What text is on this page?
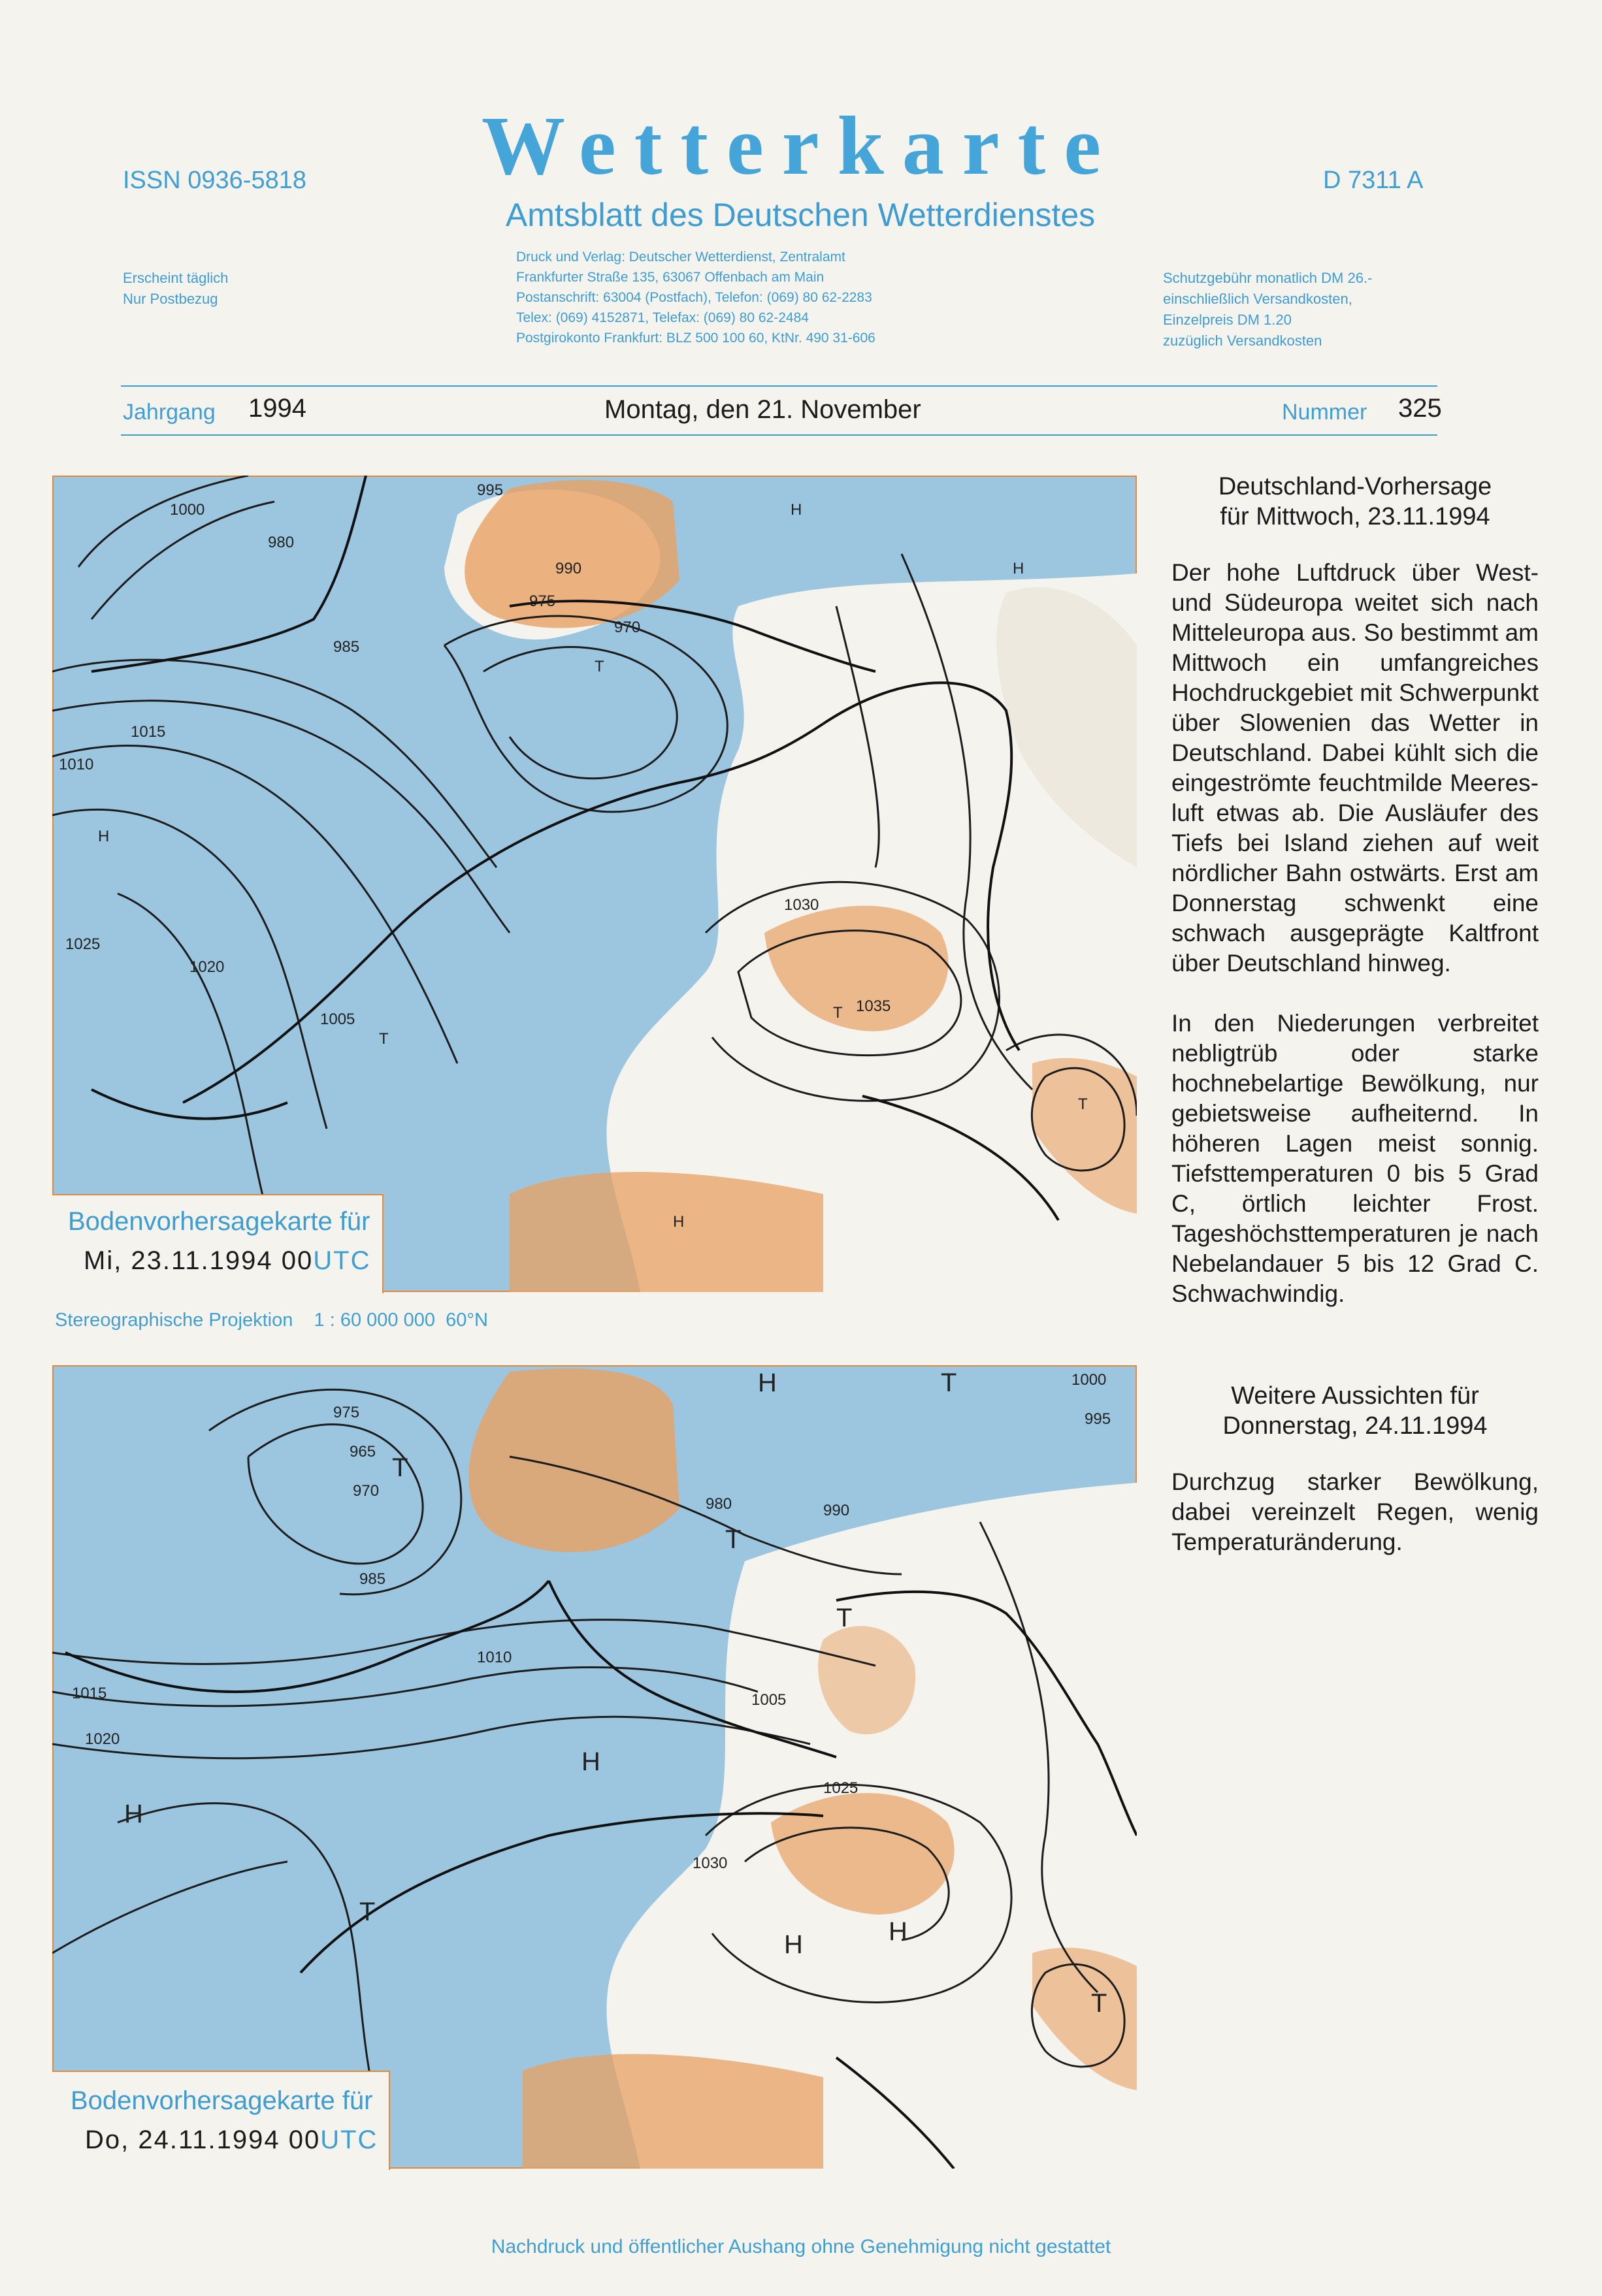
ISSN 0936-5818	Wetterkarte
Amtsblatt des Deutschen Wetterdienstes
D 7311 A
Erscheint täglich
Nur Postbezug
Druck und Verlag: Deutscher Wetterdienst, Zentralamt
Frankfurter Straße 135, 63067 Offenbach am Main
Postanschrift: 63004 (Postfach), Telefon: (069) 80 62-2283
Telex: (069) 4152871, Telefax: (069) 80 62-2484
Postgirokonto Frankfurt: BLZ 500 100 60, KtNr. 490 31-606
Schutzgebühr monatlich DM 26.-
einschließlich Versandkosten,
Einzelpreis DM 1.20
zuzüglich Versandkosten
Jahrgang 1994	Montag, den 21. November	Nummer 325
H
T
H
H
T
H
T
T
1000
995
980
985
975
990
970
1010
1015
1020
1025
1030
1035
1005
Bodenvorhersagekarte für
Mi, 23.11.1994 00UTC
Stereographische Projektion    1 : 60 000 000  60°N
H	T
T
T
T
H
H
H	H
T
T
1000
990
980
975
965
970
985
995
1005
1010
1015
1020
1025
1030
Bodenvorhersagekarte für
Do, 24.11.1994 00UTC

Deutschland-Vorhersage
für Mittwoch, 23.11.1994

Der hohe Luftdruck über West- und Südeuropa weitet sich nach Mitteleuropa aus. So bestimmt am Mittwoch ein umfangreiches Hochdruckgebiet mit Schwerpunkt über Slowenien das Wetter in Deutschland. Dabei kühlt sich die eingeströmte feuchtmilde Meeresluft etwas ab. Die Ausläufer des Tiefs bei Island ziehen auf weit nördlicher Bahn ostwärts. Erst am Donnerstag schwenkt eine schwach ausgeprägte Kaltfront über Deutschland hinweg.

In den Niederungen verbreitet nebligtrüb oder starke hochnebelartige Bewölkung, nur gebietsweise aufheiternd. In höheren Lagen meist sonnig. Tiefsttemperaturen 0 bis 5 Grad C, örtlich leichter Frost. Tageshöchsttemperaturen je nach Nebelandauer 5 bis 12 Grad C. Schwachwindig.

Weitere Aussichten für
Donnerstag, 24.11.1994

Durchzug starker Bewölkung, dabei vereinzelt Regen, wenig Temperaturänderung.

Nachdruck und öffentlicher Aushang ohne Genehmigung nicht gestattet
